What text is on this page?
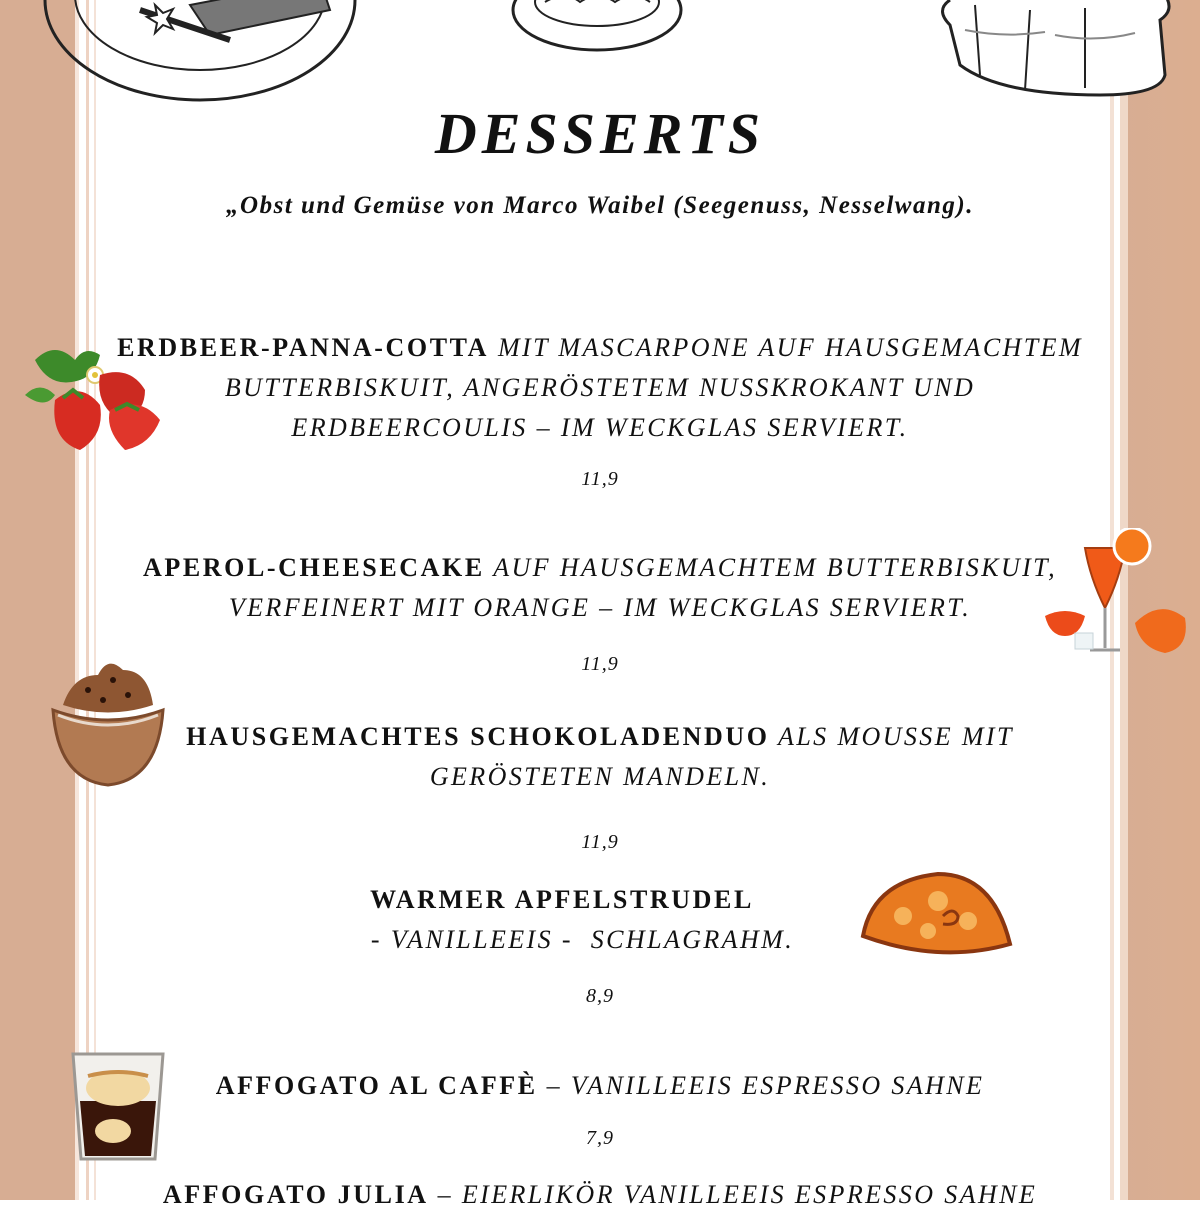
DESSERTS
„Obst und Gemüse von Marco Waibel (Seegenuss, Nesselwang).
ERDBEER-PANNA-COTTA MIT MASCARPONE AUF HAUSGEMACHTEM
BUTTERBISKUIT, ANGERÖSTETEM NUSSKROKANT UND
ERDBEERCOULIS – IM WECKGLAS SERVIERT.
11,9
APEROL-CHEESECAKE AUF HAUSGEMACHTEM BUTTERBISKUIT,
VERFEINERT MIT ORANGE – IM WECKGLAS SERVIERT.
11,9
HAUSGEMACHTES SCHOKOLADENDUO ALS MOUSSE MIT
GERÖSTETEN MANDELN.
11,9
WARMER APFELSTRUDEL
- VANILLEEIS -  SCHLAGRAHM.
8,9
AFFOGATO AL CAFFÈ – VANILLEEIS ESPRESSO SAHNE
7,9
AFFOGATO JULIA – EIERLIKÖR VANILLEEIS ESPRESSO SAHNE
